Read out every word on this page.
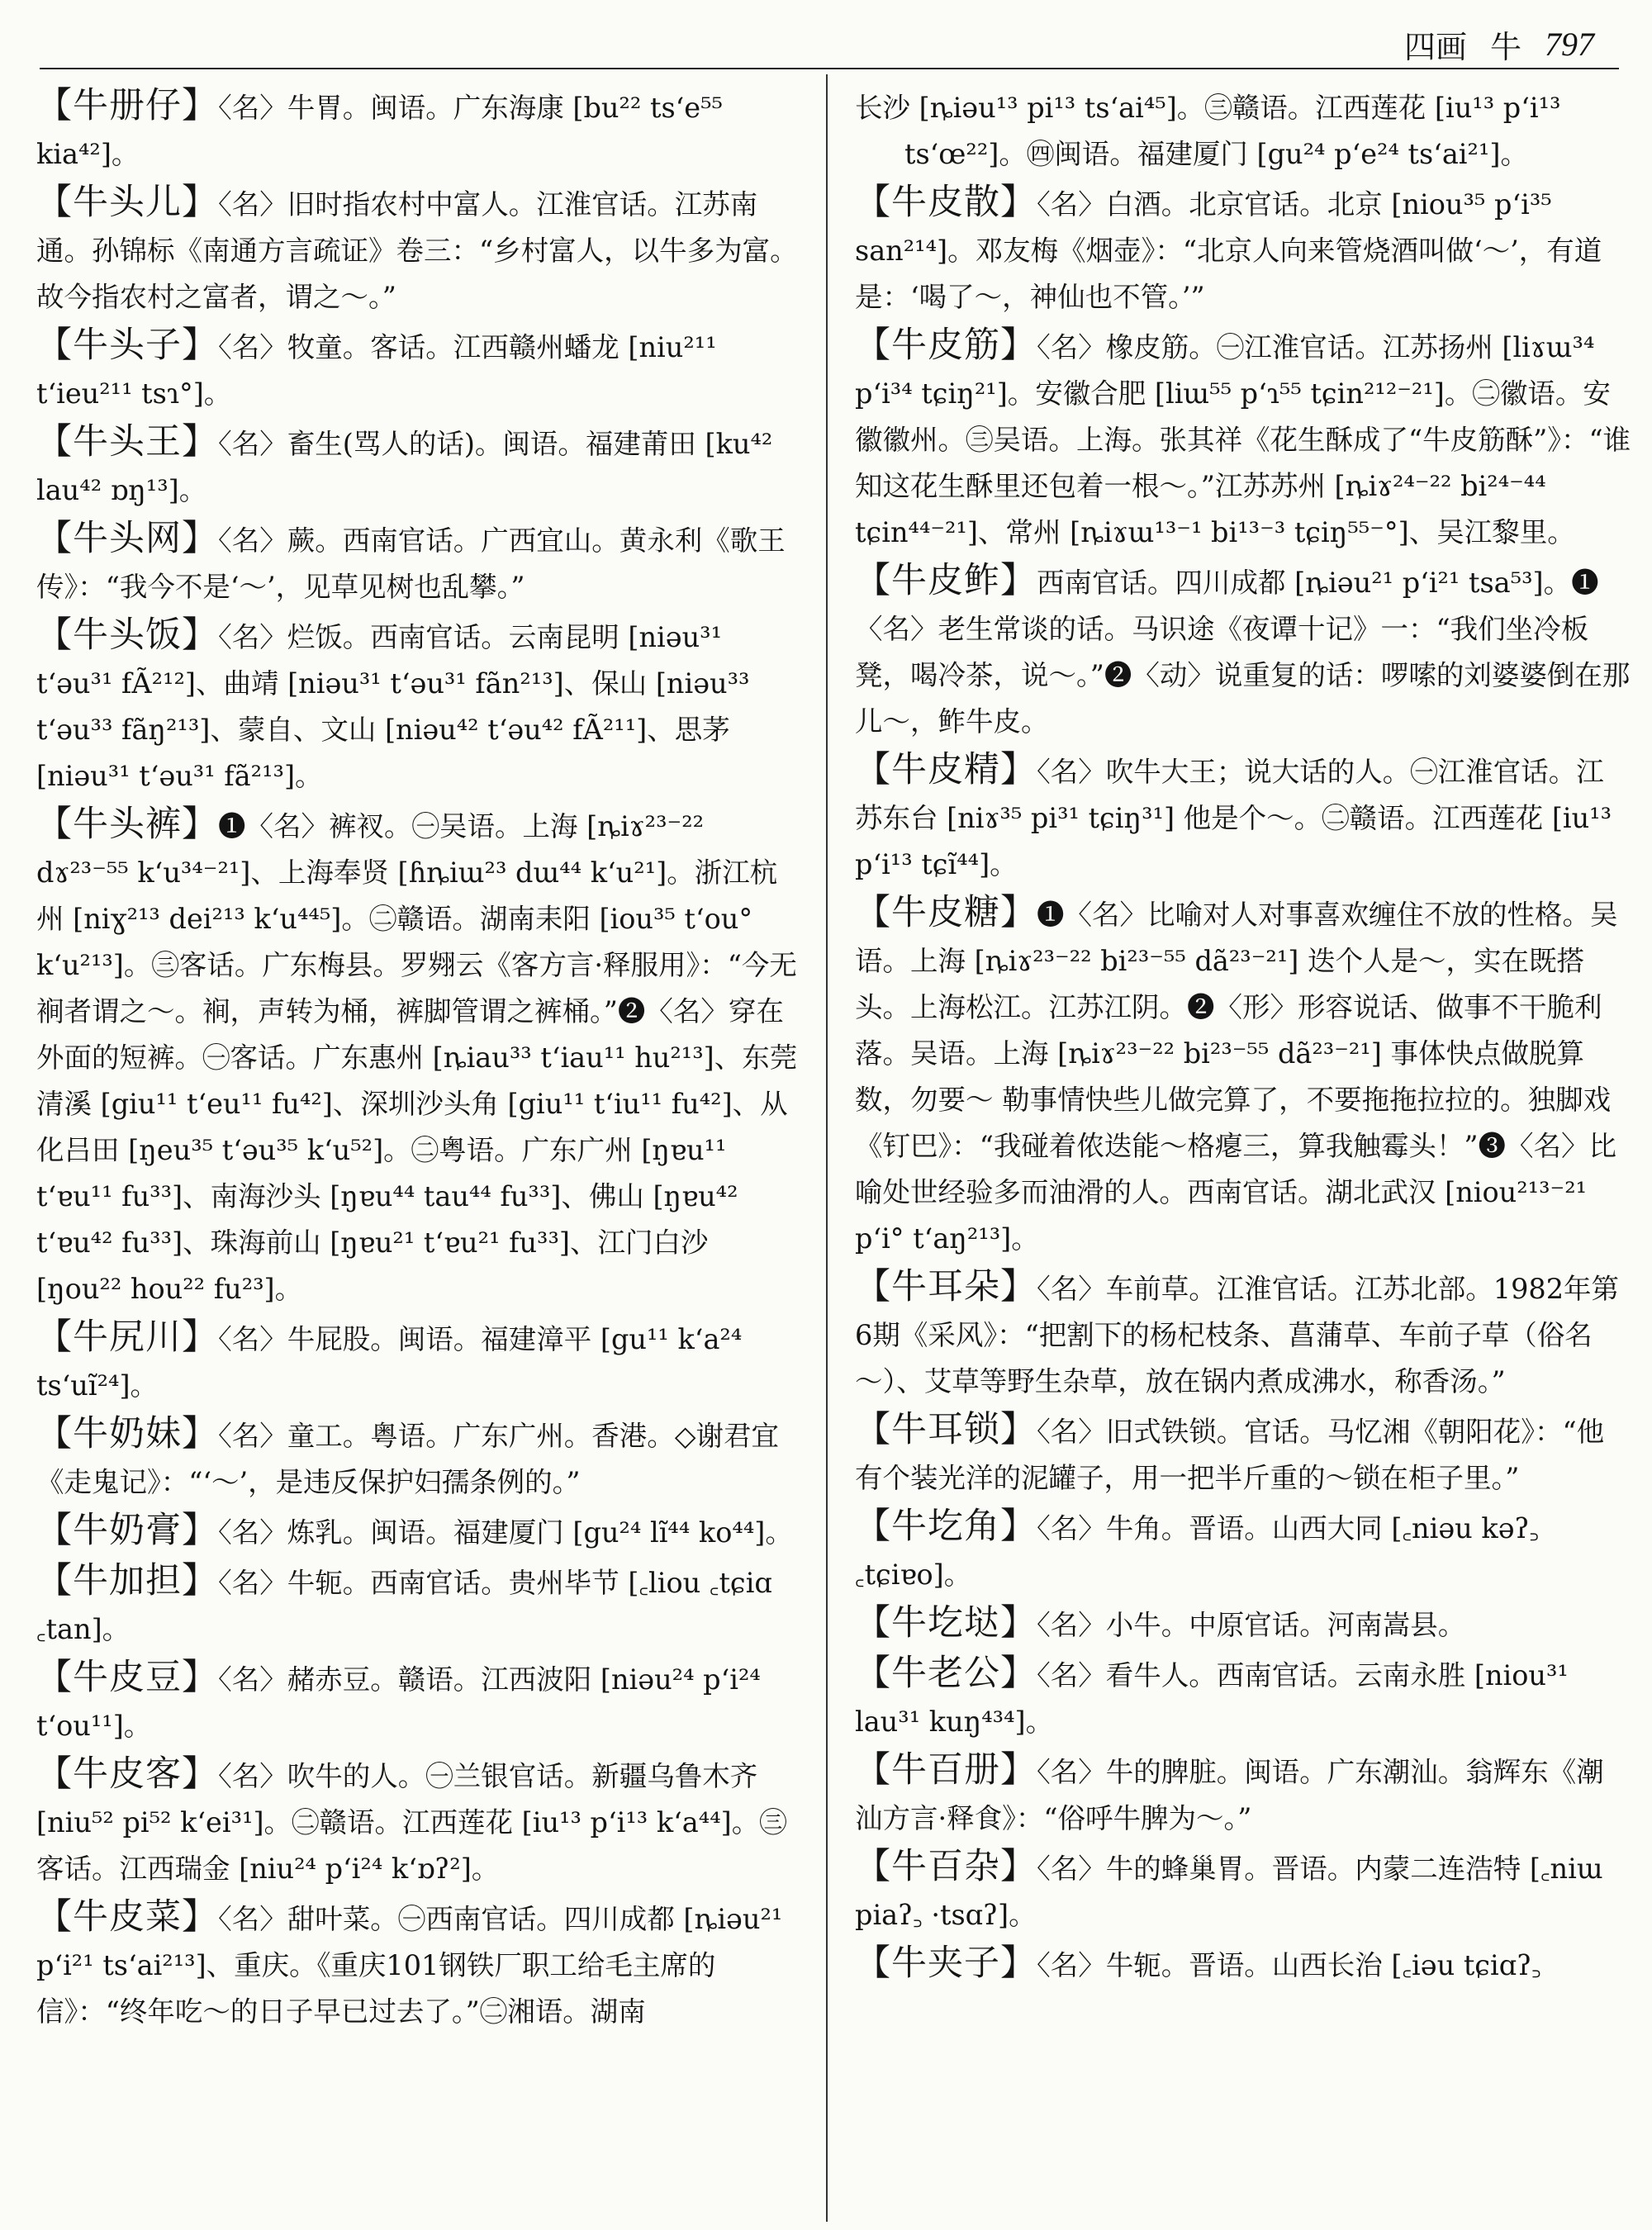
四画 牛 797

【牛册仔】〈名〉牛胃。闽语。广东海康 [bu²² ts‘e⁵⁵ kia⁴²]。

【牛头儿】〈名〉旧时指农村中富人。江淮官话。江苏南通。孙锦标《南通方言疏证》卷三：“乡村富人，以牛多为富。故今指农村之富者，谓之～。”

【牛头子】〈名〉牧童。客话。江西赣州蟠龙 [niu²¹¹ t‘ieu²¹¹ tsɿ°]。

【牛头王】〈名〉畜生(骂人的话)。闽语。福建莆田 [ku⁴² lau⁴² ɒŋ¹³]。

【牛头网】〈名〉蕨。西南官话。广西宜山。黄永利《歌王传》：“我今不是‘～’，见草见树也乱攀。”

【牛头饭】〈名〉烂饭。西南官话。云南昆明 [niəu³¹ t‘əu³¹ fÃ²¹²]、曲靖 [niəu³¹ t‘əu³¹ fãn²¹³]、保山 [niəu³³ t‘əu³³ fãŋ²¹³]、蒙自、文山 [niəu⁴² t‘əu⁴² fÃ²¹¹]、思茅 [niəu³¹ t‘əu³¹ fã²¹³]。

【牛头裤】❶〈名〉裤衩。㊀吴语。上海 [ȵiɤ²³⁻²² dɤ²³⁻⁵⁵ k‘u³⁴⁻²¹]、上海奉贤 [ɦȵiɯ²³ dɯ⁴⁴ k‘u²¹]。浙江杭州 [niɣ²¹³ dei²¹³ k‘u⁴⁴⁵]。㊁赣语。湖南耒阳 [iou³⁵ t‘ou° k‘u²¹³]。㊂客话。广东梅县。罗翙云《客方言·释服用》：“今无裥者谓之～。裥，声转为桶，裤脚管谓之裤桶。”❷〈名〉穿在外面的短裤。㊀客话。广东惠州 [ȵiau³³ t‘iau¹¹ hu²¹³]、东莞清溪 [giu¹¹ t‘eu¹¹ fu⁴²]、深圳沙头角 [giu¹¹ t‘iu¹¹ fu⁴²]、从化吕田 [ŋeu³⁵ t‘əu³⁵ k‘u⁵²]。㊁粤语。广东广州 [ŋɐu¹¹ t‘ɐu¹¹ fu³³]、南海沙头 [ŋɐu⁴⁴ tau⁴⁴ fu³³]、佛山 [ŋɐu⁴² t‘ɐu⁴² fu³³]、珠海前山 [ŋɐu²¹ t‘ɐu²¹ fu³³]、江门白沙 [ŋou²² hou²² fu²³]。

【牛尻川】〈名〉牛屁股。闽语。福建漳平 [gu¹¹ k‘a²⁴ ts‘uĩ²⁴]。

【牛奶妹】〈名〉童工。粤语。广东广州。香港。◇谢君宜《走鬼记》：“‘～’，是违反保护妇孺条例的。”

【牛奶膏】〈名〉炼乳。闽语。福建厦门 [gu²⁴ lĩ⁴⁴ ko⁴⁴]。

【牛加担】〈名〉牛轭。西南官话。贵州毕节 [꜀liou ꜀tɕiɑ ꜀tan]。

【牛皮豆】〈名〉赭赤豆。赣语。江西波阳 [niəu²⁴ p‘i²⁴ t‘ou¹¹]。

【牛皮客】〈名〉吹牛的人。㊀兰银官话。新疆乌鲁木齐 [niu⁵² pi⁵² k‘ei³¹]。㊁赣语。江西莲花 [iu¹³ p‘i¹³ k‘a⁴⁴]。㊂客话。江西瑞金 [niu²⁴ p‘i²⁴ k‘ɒʔ²]。

【牛皮菜】〈名〉甜叶菜。㊀西南官话。四川成都 [ȵiəu²¹ p‘i²¹ ts‘ai²¹³]、重庆。《重庆101钢铁厂职工给毛主席的信》：“终年吃～的日子早已过去了。”㊁湘语。湖南

长沙 [ȵiəu¹³ pi¹³ ts‘ai⁴⁵]。㊂赣语。江西莲花 [iu¹³ p‘i¹³ ts‘œ²²]。㊃闽语。福建厦门 [gu²⁴ p‘e²⁴ ts‘ai²¹]。

【牛皮散】〈名〉白酒。北京官话。北京 [niou³⁵ p‘i³⁵ san²¹⁴]。邓友梅《烟壶》：“北京人向来管烧酒叫做‘～’，有道是：‘喝了～，神仙也不管。’”

【牛皮筋】〈名〉橡皮筋。㊀江淮官话。江苏扬州 [liɤɯ³⁴ p‘i³⁴ tɕiŋ²¹]。安徽合肥 [liɯ⁵⁵ p‘ɿ⁵⁵ tɕin²¹²⁻²¹]。㊁徽语。安徽徽州。㊂吴语。上海。张其祥《花生酥成了“牛皮筋酥”》：“谁知这花生酥里还包着一根～。”江苏苏州 [ȵiɤ²⁴⁻²² bi²⁴⁻⁴⁴ tɕin⁴⁴⁻²¹]、常州 [ȵiɤɯ¹³⁻¹ bi¹³⁻³ tɕiŋ⁵⁵⁻°]、吴江黎里。

【牛皮鲊】西南官话。四川成都 [ȵiəu²¹ p‘i²¹ tsa⁵³]。❶〈名〉老生常谈的话。马识途《夜谭十记》一：“我们坐冷板凳，喝冷茶，说～。”❷〈动〉说重复的话：啰嗦的刘婆婆倒在那儿～，鲊牛皮。

【牛皮精】〈名〉吹牛大王；说大话的人。㊀江淮官话。江苏东台 [niɤ³⁵ pi³¹ tɕiŋ³¹] 他是个～。㊁赣语。江西莲花 [iu¹³ p‘i¹³ tɕĩ⁴⁴]。

【牛皮糖】❶〈名〉比喻对人对事喜欢缠住不放的性格。吴语。上海 [ȵiɤ²³⁻²² bi²³⁻⁵⁵ dã²³⁻²¹] 迭个人是～，实在既搭头。上海松江。江苏江阴。❷〈形〉形容说话、做事不干脆利落。吴语。上海 [ȵiɤ²³⁻²² bi²³⁻⁵⁵ dã²³⁻²¹] 事体快点做脱算数，勿要～ 勒事情快些儿做完算了，不要拖拖拉拉的。独脚戏《钉巴》：“我碰着侬迭能～格瘪三，算我触霉头！”❸〈名〉比喻处世经验多而油滑的人。西南官话。湖北武汉 [niou²¹³⁻²¹ p‘i° t‘aŋ²¹³]。

【牛耳朵】〈名〉车前草。江淮官话。江苏北部。1982年第6期《采风》：“把割下的杨杞枝条、菖蒲草、车前子草（俗名～）、艾草等野生杂草，放在锅内煮成沸水，称香汤。”

【牛耳锁】〈名〉旧式铁锁。官话。马忆湘《朝阳花》：“他有个装光洋的泥罐子，用一把半斤重的～锁在柜子里。”

【牛圪角】〈名〉牛角。晋语。山西大同 [꜀niəu kəʔ꜆ ꜀tɕiɐo]。

【牛圪垯】〈名〉小牛。中原官话。河南嵩县。

【牛老公】〈名〉看牛人。西南官话。云南永胜 [niou³¹ lau³¹ kuŋ⁴³⁴]。

【牛百册】〈名〉牛的脾脏。闽语。广东潮汕。翁辉东《潮汕方言·释食》：“俗呼牛脾为～。”

【牛百杂】〈名〉牛的蜂巢胃。晋语。内蒙二连浩特 [꜀niɯ piaʔ꜆ ·tsɑʔ]。

【牛夹子】〈名〉牛轭。晋语。山西长治 [꜀iəu tɕiɑʔ꜆
